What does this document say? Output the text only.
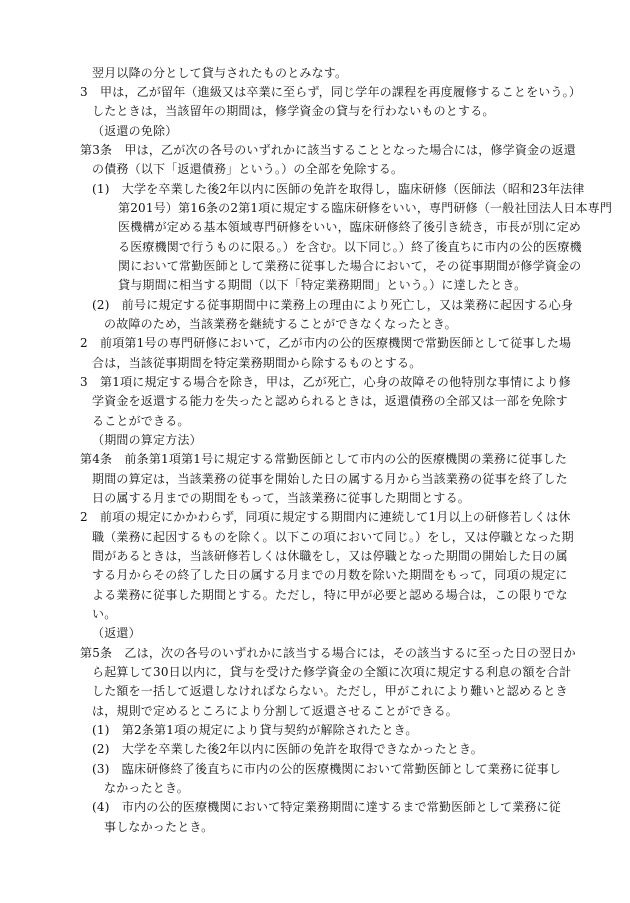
翌月以降の分として貸与されたものとみなす。
3　甲は，乙が留年（進級又は卒業に至らず，同じ学年の課程を再度履修することをいう。）
したときは，当該留年の期間は，修学資金の貸与を行わないものとする。
（返還の免除）
第3条　甲は，乙が次の各号のいずれかに該当することとなった場合には，修学資金の返還
の債務（以下「返還債務」という。）の全部を免除する。
(1)　大学を卒業した後2年以内に医師の免許を取得し，臨床研修（医師法（昭和23年法律
第201号）第16条の2第1項に規定する臨床研修をいい，専門研修（一般社団法人日本専門
医機構が定める基本領域専門研修をいい，臨床研修終了後引き続き，市長が別に定め
る医療機関で行うものに限る。）を含む。以下同じ。）終了後直ちに市内の公的医療機
関において常勤医師として業務に従事した場合において，その従事期間が修学資金の
貸与期間に相当する期間（以下「特定業務期間」という。）に達したとき。
(2)　前号に規定する従事期間中に業務上の理由により死亡し，又は業務に起因する心身
の故障のため，当該業務を継続することができなくなったとき。
2　前項第1号の専門研修において，乙が市内の公的医療機関で常勤医師として従事した場
合は，当該従事期間を特定業務期間から除するものとする。
3　第1項に規定する場合を除き，甲は，乙が死亡，心身の故障その他特別な事情により修
学資金を返還する能力を失ったと認められるときは，返還債務の全部又は一部を免除す
ることができる。
（期間の算定方法）
第4条　前条第1項第1号に規定する常勤医師として市内の公的医療機関の業務に従事した
期間の算定は，当該業務の従事を開始した日の属する月から当該業務の従事を終了した
日の属する月までの期間をもって，当該業務に従事した期間とする。
2　前項の規定にかかわらず，同項に規定する期間内に連続して1月以上の研修若しくは休
職（業務に起因するものを除く。以下この項において同じ。）をし，又は停職となった期
間があるときは，当該研修若しくは休職をし，又は停職となった期間の開始した日の属
する月からその終了した日の属する月までの月数を除いた期間をもって，同項の規定に
よる業務に従事した期間とする。ただし，特に甲が必要と認める場合は，この限りでな
い。
（返還）
第5条　乙は，次の各号のいずれかに該当する場合には，その該当するに至った日の翌日か
ら起算して30日以内に，貸与を受けた修学資金の全額に次項に規定する利息の額を合計
した額を一括して返還しなければならない。ただし，甲がこれにより難いと認めるとき
は，規則で定めるところにより分割して返還させることができる。
(1)　第2条第1項の規定により貸与契約が解除されたとき。
(2)　大学を卒業した後2年以内に医師の免許を取得できなかったとき。
(3)　臨床研修終了後直ちに市内の公的医療機関において常勤医師として業務に従事し
なかったとき。
(4)　市内の公的医療機関において特定業務期間に達するまで常勤医師として業務に従
事しなかったとき。
